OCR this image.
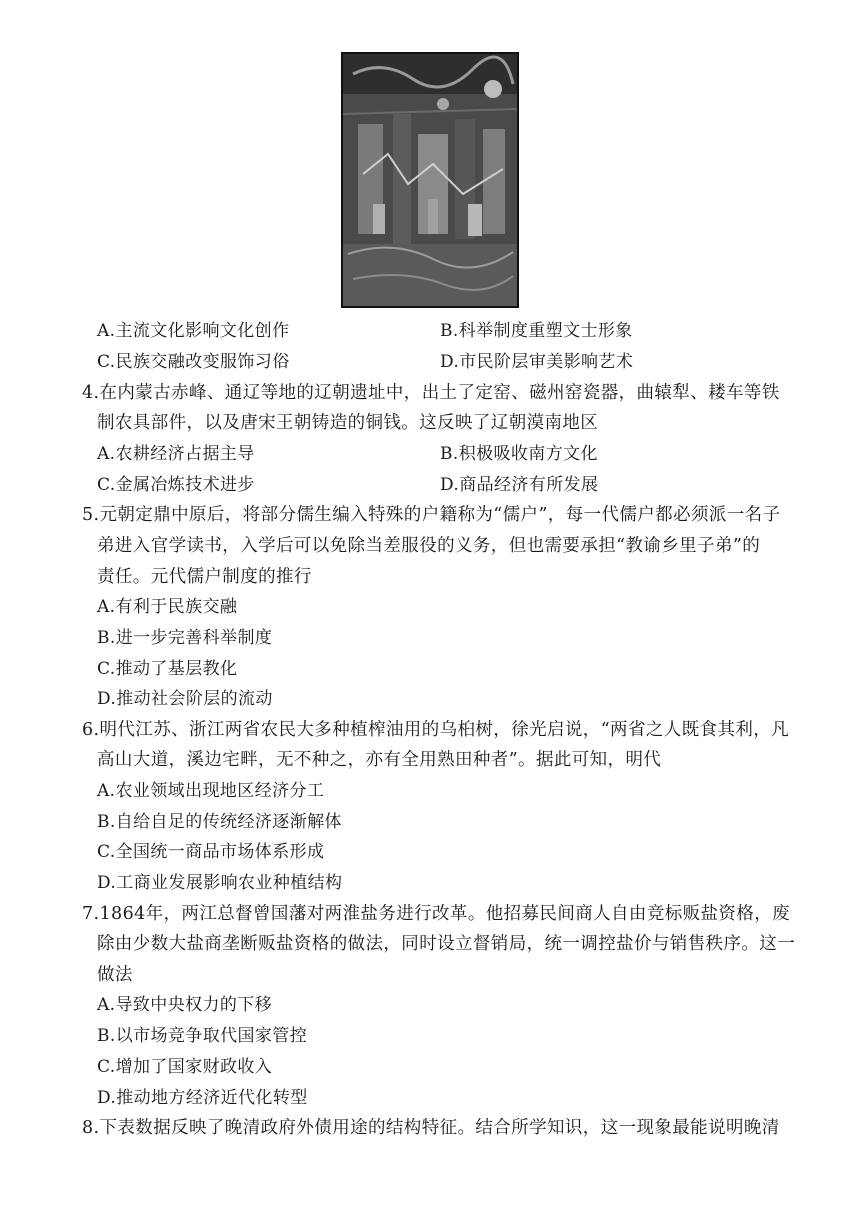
A.主流文化影响文化创作	B.科举制度重塑文士形象
C.民族交融改变服饰习俗	D.市民阶层审美影响艺术
4.在内蒙古赤峰、通辽等地的辽朝遗址中，出土了定窑、磁州窑瓷器，曲辕犁、耧车等铁
制农具部件，以及唐宋王朝铸造的铜钱。这反映了辽朝漠南地区
A.农耕经济占据主导	B.积极吸收南方文化
C.金属冶炼技术进步	D.商品经济有所发展
5.元朝定鼎中原后，将部分儒生编入特殊的户籍称为“儒户”，每一代儒户都必须派一名子
弟进入官学读书，入学后可以免除当差服役的义务，但也需要承担“教谕乡里子弟”的
责任。元代儒户制度的推行
A.有利于民族交融
B.进一步完善科举制度
C.推动了基层教化
D.推动社会阶层的流动
6.明代江苏、浙江两省农民大多种植榨油用的乌桕树，徐光启说，“两省之人既食其利，凡
高山大道，溪边宅畔，无不种之，亦有全用熟田种者”。据此可知，明代
A.农业领域出现地区经济分工
B.自给自足的传统经济逐渐解体
C.全国统一商品市场体系形成
D.工商业发展影响农业种植结构
7.1864年，两江总督曾国藩对两淮盐务进行改革。他招募民间商人自由竞标贩盐资格，废
除由少数大盐商垄断贩盐资格的做法，同时设立督销局，统一调控盐价与销售秩序。这一
做法
A.导致中央权力的下移
B.以市场竞争取代国家管控
C.增加了国家财政收入
D.推动地方经济近代化转型
8.下表数据反映了晚清政府外债用途的结构特征。结合所学知识，这一现象最能说明晚清
